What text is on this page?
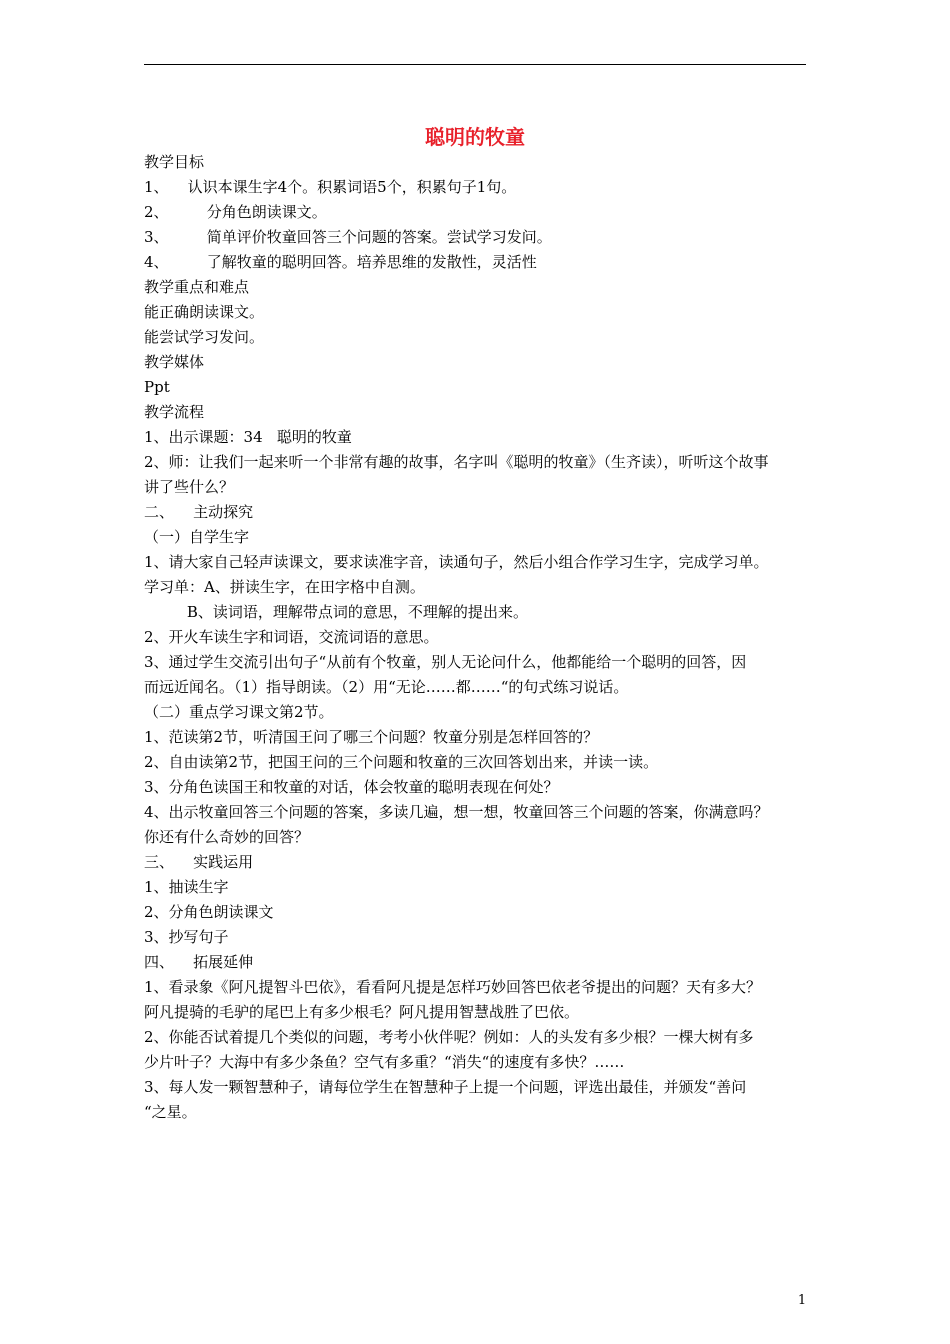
聪明的牧童

教学目标

1、    认识本课生字4个。积累词语5个，积累句子1句。

2、        分角色朗读课文。

3、        简单评价牧童回答三个问题的答案。尝试学习发问。

4、        了解牧童的聪明回答。培养思维的发散性，灵活性

教学重点和难点

能正确朗读课文。

能尝试学习发问。

教学媒体

Ppt

教学流程

1、出示课题：34   聪明的牧童

2、师：让我们一起来听一个非常有趣的故事，名字叫《聪明的牧童》（生齐读），听听这个故事

讲了些什么？

二、    主动探究

（一）自学生字

1、请大家自己轻声读课文，要求读准字音，读通句子，然后小组合作学习生字，完成学习单。

学习单：A、拼读生字，在田字格中自测。

B、读词语，理解带点词的意思，不理解的提出来。

2、开火车读生字和词语，交流词语的意思。

3、通过学生交流引出句子“从前有个牧童，别人无论问什么，他都能给一个聪明的回答，因

而远近闻名。（1）指导朗读。（2）用“无论……都……“的句式练习说话。

（二）重点学习课文第2节。

1、范读第2节，听清国王问了哪三个问题？牧童分别是怎样回答的？

2、自由读第2节，把国王问的三个问题和牧童的三次回答划出来，并读一读。

3、分角色读国王和牧童的对话，体会牧童的聪明表现在何处？

4、出示牧童回答三个问题的答案，多读几遍，想一想，牧童回答三个问题的答案，你满意吗？

你还有什么奇妙的回答？

三、    实践运用

1、抽读生字

2、分角色朗读课文

3、抄写句子

四、    拓展延伸

1、看录象《阿凡提智斗巴依》，看看阿凡提是怎样巧妙回答巴依老爷提出的问题？天有多大？

阿凡提骑的毛驴的尾巴上有多少根毛？阿凡提用智慧战胜了巴依。

2、你能否试着提几个类似的问题，考考小伙伴呢？例如：人的头发有多少根？一棵大树有多

少片叶子？大海中有多少条鱼？空气有多重？“消失“的速度有多快？……

3、每人发一颗智慧种子，请每位学生在智慧种子上提一个问题，评选出最佳，并颁发“善问

“之星。

1
